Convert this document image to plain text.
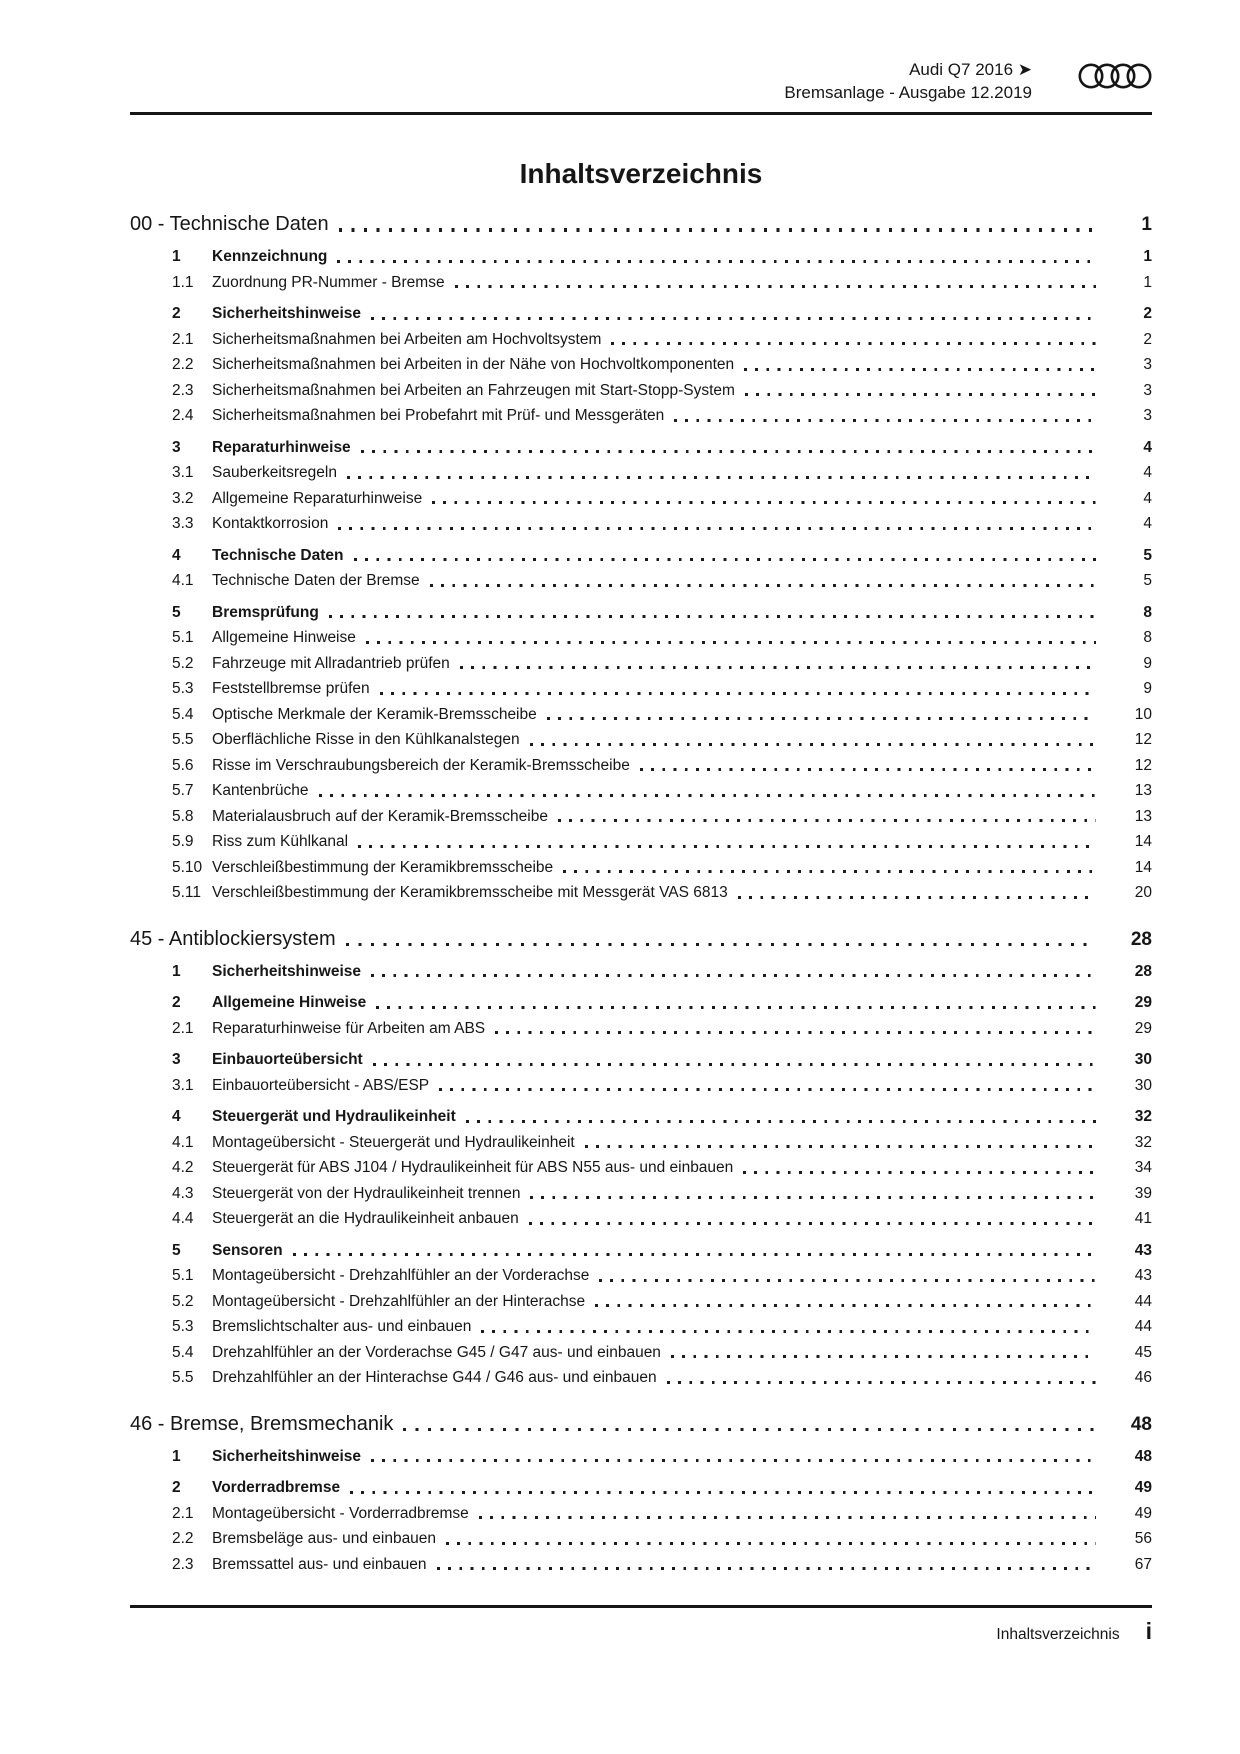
Audi Q7 2016 ➤
Bremsanlage - Ausgabe 12.2019
Inhaltsverzeichnis
00 - Technische Daten	1
1	Kennzeichnung	1
1.1	Zuordnung PR-Nummer - Bremse	1
2	Sicherheitshinweise	2
2.1	Sicherheitsmaßnahmen bei Arbeiten am Hochvoltsystem	2
2.2	Sicherheitsmaßnahmen bei Arbeiten in der Nähe von Hochvoltkomponenten	3
2.3	Sicherheitsmaßnahmen bei Arbeiten an Fahrzeugen mit Start-Stopp-System	3
2.4	Sicherheitsmaßnahmen bei Probefahrt mit Prüf- und Messgeräten	3
3	Reparaturhinweise	4
3.1	Sauberkeitsregeln	4
3.2	Allgemeine Reparaturhinweise	4
3.3	Kontaktkorrosion	4
4	Technische Daten	5
4.1	Technische Daten der Bremse	5
5	Bremsprüfung	8
5.1	Allgemeine Hinweise	8
5.2	Fahrzeuge mit Allradantrieb prüfen	9
5.3	Feststellbremse prüfen	9
5.4	Optische Merkmale der Keramik-Bremsscheibe	10
5.5	Oberflächliche Risse in den Kühlkanalstegen	12
5.6	Risse im Verschraubungsbereich der Keramik-Bremsscheibe	12
5.7	Kantenbrüche	13
5.8	Materialausbruch auf der Keramik-Bremsscheibe	13
5.9	Riss zum Kühlkanal	14
5.10 Verschleißbestimmung der Keramikbremsscheibe	14
5.11 Verschleißbestimmung der Keramikbremsscheibe mit Messgerät VAS 6813	20
45 - Antiblockiersystem	28
1	Sicherheitshinweise	28
2	Allgemeine Hinweise	29
2.1	Reparaturhinweise für Arbeiten am ABS	29
3	Einbauorteübersicht	30
3.1	Einbauorteübersicht - ABS/ESP	30
4	Steuergerät und Hydraulikeinheit	32
4.1	Montageübersicht - Steuergerät und Hydraulikeinheit	32
4.2	Steuergerät für ABS J104 / Hydraulikeinheit für ABS N55 aus- und einbauen	34
4.3	Steuergerät von der Hydraulikeinheit trennen	39
4.4	Steuergerät an die Hydraulikeinheit anbauen	41
5	Sensoren	43
5.1	Montageübersicht - Drehzahlfühler an der Vorderachse	43
5.2	Montageübersicht - Drehzahlfühler an der Hinterachse	44
5.3	Bremslichtschalter aus- und einbauen	44
5.4	Drehzahlfühler an der Vorderachse G45 / G47 aus- und einbauen	45
5.5	Drehzahlfühler an der Hinterachse G44 / G46 aus- und einbauen	46
46 - Bremse, Bremsmechanik	48
1	Sicherheitshinweise	48
2	Vorderradbremse	49
2.1	Montageübersicht - Vorderradbremse	49
2.2	Bremsbeläge aus- und einbauen	56
2.3	Bremssattel aus- und einbauen	67
Inhaltsverzeichnis i
